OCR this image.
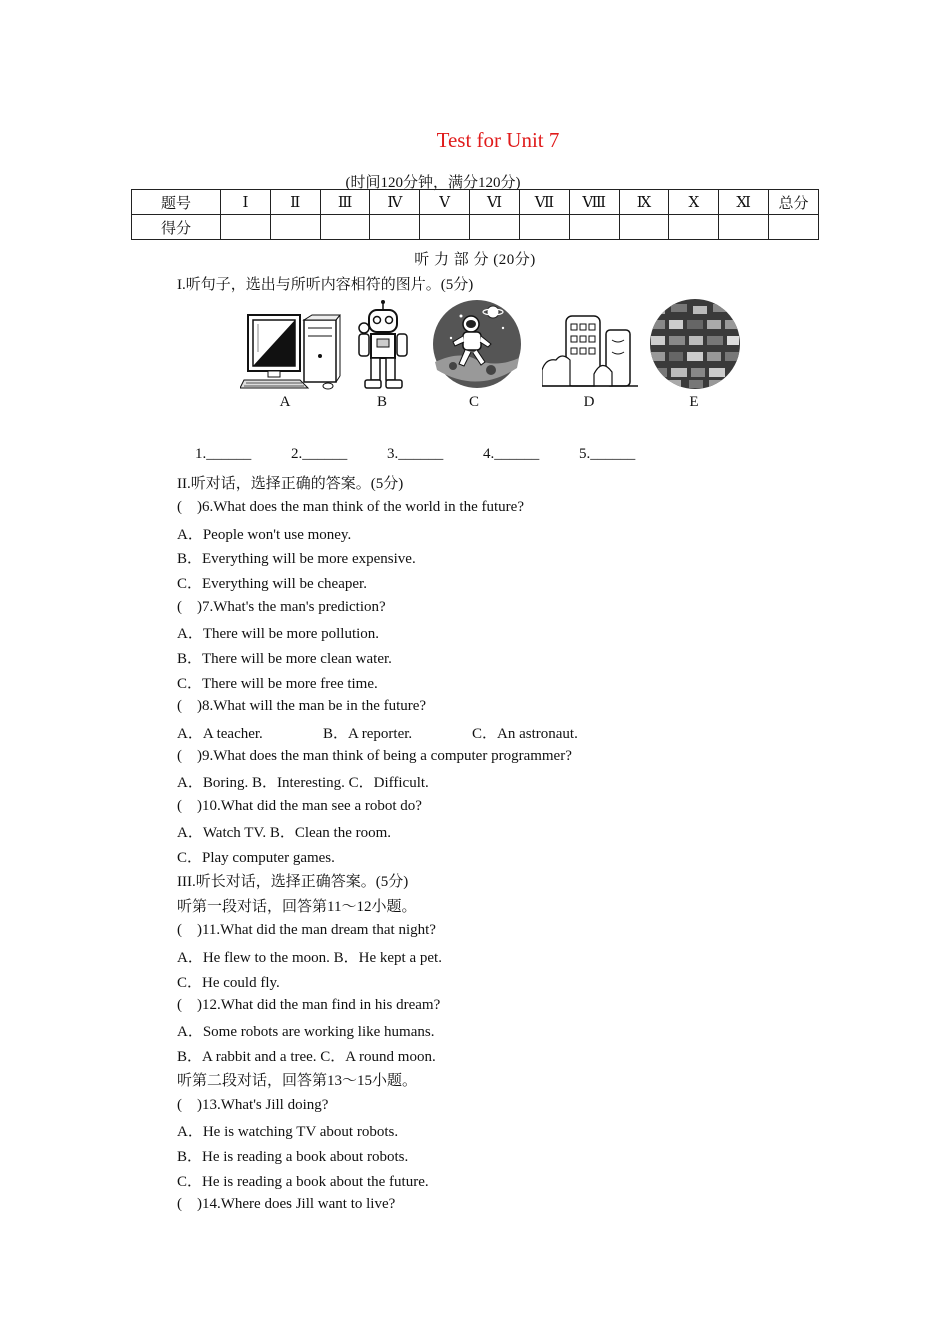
Test for Unit 7
(时间120分钟，满分120分)
题号	Ⅰ	Ⅱ	Ⅲ	Ⅳ	Ⅴ	Ⅵ	Ⅶ	Ⅷ	Ⅸ	Ⅹ	Ⅺ	总分
得分												
听 力 部 分 (20分)
I.听句子，选出与所听内容相符的图片。(5分)
A	B	C	D	E
1.______	2.______	3.______	4.______	5.______
II.听对话，选择正确的答案。(5分)
(　)6.What does the man think of the world in the future?
A．People won't use money.
B．Everything will be more expensive.
C．Everything will be cheaper.
(　)7.What's the man's prediction?
A．There will be more pollution.
B．There will be more clean water.
C．There will be more free time.
(　)8.What will the man be in the future?
A．A teacher.	B．A reporter.	C．An astronaut.
(　)9.What does the man think of being a computer programmer?
A．Boring. B．Interesting. C．Difficult.
(　)10.What did the man see a robot do?
A．Watch TV. B．Clean the room.
C．Play computer games.
III.听长对话，选择正确答案。(5分)
听第一段对话，回答第11～12小题。
(　)11.What did the man dream that night?
A．He flew to the moon. B．He kept a pet.
C．He could fly.
(　)12.What did the man find in his dream?
A．Some robots are working like humans.
B．A rabbit and a tree. C．A round moon.
听第二段对话，回答第13～15小题。
(　)13.What's Jill doing?
A．He is watching TV about robots.
B．He is reading a book about robots.
C．He is reading a book about the future.
(　)14.Where does Jill want to live?
